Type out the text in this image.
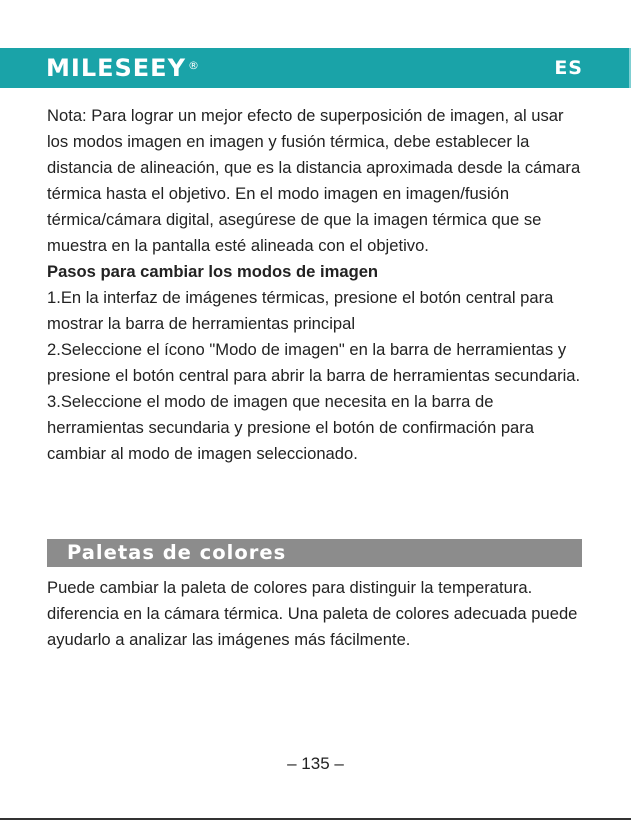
MILESEEY ®	ES

Nota: Para lograr un mejor efecto de superposición de imagen, al usar los modos imagen en imagen y fusión térmica, debe establecer la distancia de alineación, que es la distancia aproximada desde la cámara térmica hasta el objetivo. En el modo imagen en imagen/fusión térmica/cámara digital, asegúrese de que la imagen térmica que se muestra en la pantalla esté alineada con el objetivo.

Pasos para cambiar los modos de imagen

1.En la interfaz de imágenes térmicas, presione el botón central para mostrar la barra de herramientas principal

2.Seleccione el ícono "Modo de imagen" en la barra de herramientas y presione el botón central para abrir la barra de herramientas secundaria.

3.Seleccione el modo de imagen que necesita en la barra de herramientas secundaria y presione el botón de confirmación para cambiar al modo de imagen seleccionado.

Paletas de colores

Puede cambiar la paleta de colores para distinguir la temperatura. diferencia en la cámara térmica. Una paleta de colores adecuada puede ayudarlo a analizar las imágenes más fácilmente.

– 135 –
